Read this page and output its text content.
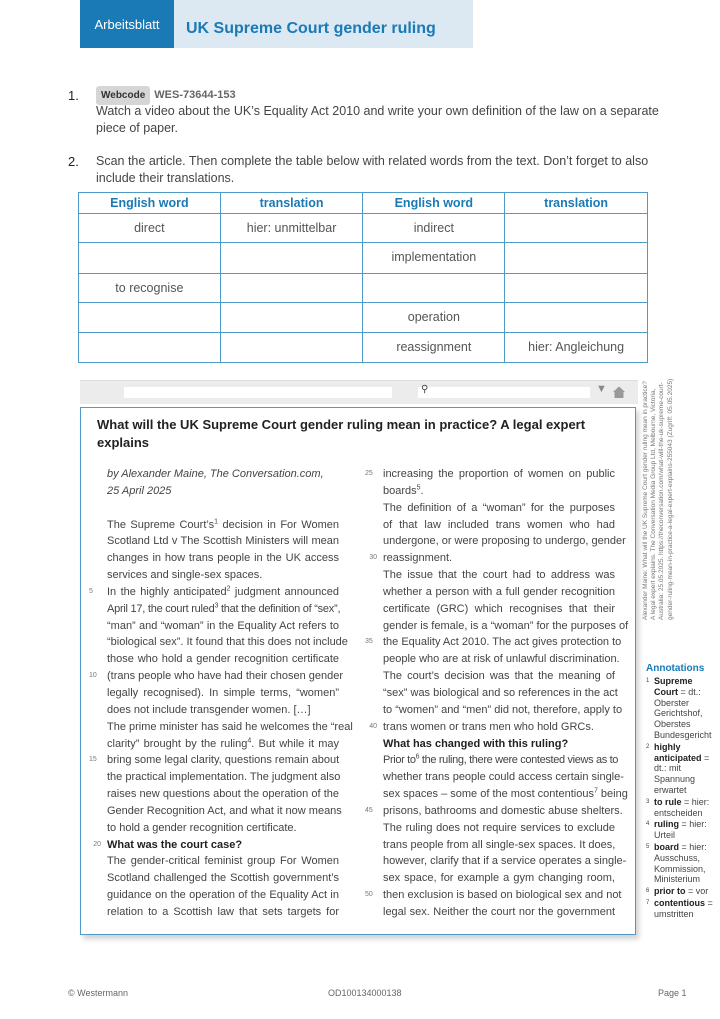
Arbeitsblatt	UK Supreme Court gender ruling
1.	Webcode WES-73644-153
Watch a video about the UK’s Equality Act 2010 and write your own definition of the law on a separate
piece of paper.
2. Scan the article. Then complete the table below with related words from the text. Don’t forget to also
include their translations.
English word	translation	English word	translation
direct	hier: unmittelbar	indirect	
		implementation	
to recognise			
		operation	
		reassignment	hier: Angleichung
⚲	▼
What will the UK Supreme Court gender ruling mean in practice? A legal expert explains
by Alexander Maine, The Conversation.com,
25 April 2025
The Supreme $Court’s^1$ decision in For Women
Scotland Ltd v The Scottish Ministers will mean
changes in how trans people in the UK access
services and single-sex spaces.
5	In the highly anticipated$^2$ judgment announced
April 17, the court ruled$^3$ that the definition of “sex”,
“man” and “woman” in the Equality Act refers to
“biological sex”. It found that this does not include
those who hold a gender recognition certificate
10 (trans people who have had their chosen gender
legally recognised). In simple terms, “women”
does not include transgender women. […]
The prime minister has said he welcomes the “real
clarity” brought by the ruling$^4$. But while it may
15 bring some legal clarity, questions remain about
the practical implementation. The judgment also
raises new questions about the operation of the
Gender Recognition Act, and what it now means
to hold a gender recognition certificate.
20 What was the court case?
The gender-critical feminist group For Women
Scotland challenged the Scottish government’s
guidance on the operation of the Equality Act in
relation to a Scottish law that sets targets for
25 increasing the proportion of women on public
boards$^5$.
The definition of a “woman” for the purposes
of that law included trans women who had
undergone, or were proposing to undergo, gender
30 reassignment.
The issue that the court had to address was
whether a person with a full gender recognition
certificate (GRC) which recognises that their
gender is female, is a “woman” for the purposes of
35 the Equality Act 2010. The act gives protection to
people who are at risk of unlawful discrimination.
The court’s decision was that the meaning of
“sex” was biological and so references in the act
to “women” and “men” did not, therefore, apply to
40 trans women or trans men who hold GRCs.
What has changed with this ruling?
Prior $to^6$ the ruling, there were contested views as to
whether trans people could access certain single-
sex spaces – some of the most contentious$^7$ being
45 prisons, bathrooms and domestic abuse shelters.
The ruling does not require services to exclude
trans people from all single-sex spaces. It does,
however, clarify that if a service operates a single-
sex space, for example a gym changing room,
50 then exclusion is based on biological sex and not
legal sex. Neither the court nor the government
Alexander Maine: What will the UK Supreme Court gender ruling mean in practice? A legal expert explains. The Conversation Media Group Ltd, Melbourne, Victoria, Australia: 25.05.2025. https://theconversation.com/what-will-the-uk-supreme-court-gender-ruling-mean-in-practice-a-legal-expert-explains-255043 (Zugriff: 05.05.2025)
Annotations
1 Supreme Court = dt.: Oberster Gerichtshof, Oberstes Bundesgericht
2 highly anticipated = dt.: mit Spannung erwartet
3 to rule = hier: entscheiden
4 ruling = hier: Urteil
5 board = hier: Ausschuss, Kommission, Ministerium
6 prior to = vor
7 contentious = umstritten
© Westermann	OD100134000138	Page 1
